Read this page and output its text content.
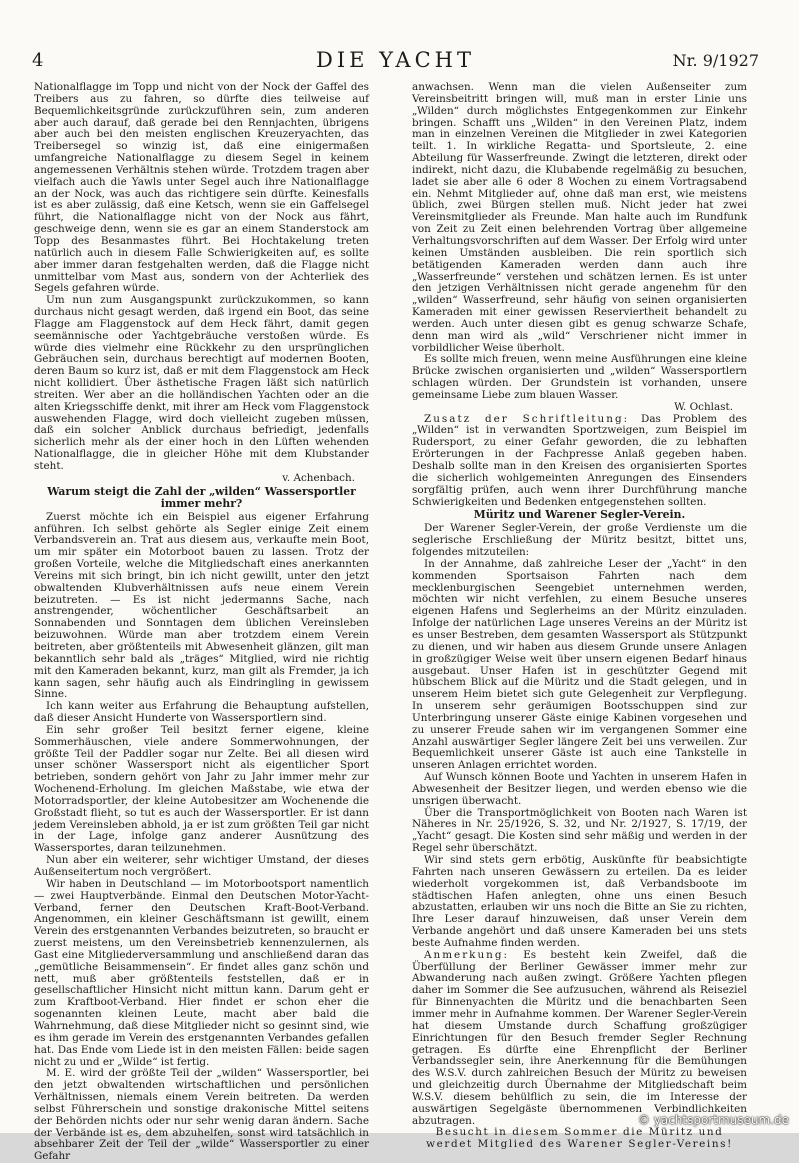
4	DIE YACHT	Nr. 9/1927

Nationalflagge im Topp und nicht von der Nock der Gaffel des Treibers aus zu fahren, so dürfte dies teilweise auf Bequemlichkeitsgründe zurückzuführen sein, zum anderen aber auch darauf, daß gerade bei den Rennjachten, übrigens aber auch bei den meisten englischen Kreuzeryachten, das Treibersegel so winzig ist, daß eine einigermaßen umfangreiche Nationalflagge zu diesem Segel in keinem angemessenen Verhältnis stehen würde. Trotzdem tragen aber vielfach auch die Yawls unter Segel auch ihre Nationalflagge an der Nock, was auch das richtigere sein dürfte. Keinesfalls ist es aber zulässig, daß eine Ketsch, wenn sie ein Gaffelsegel führt, die Nationalflagge nicht von der Nock aus fährt, geschweige denn, wenn sie es gar an einem Standerstock am Topp des Besanmastes führt. Bei Hochtakelung treten natürlich auch in diesem Falle Schwierigkeiten auf, es sollte aber immer daran festgehalten werden, daß die Flagge nicht unmittelbar vom Mast aus, sondern von der Achterliek des Segels gefahren würde.

Um nun zum Ausgangspunkt zurückzukommen, so kann durchaus nicht gesagt werden, daß irgend ein Boot, das seine Flagge am Flaggenstock auf dem Heck fährt, damit gegen seemännische oder Yachtgebräuche verstoßen würde. Es würde dies vielmehr eine Rückkehr zu den ursprünglichen Gebräuchen sein, durchaus berechtigt auf modernen Booten, deren Baum so kurz ist, daß er mit dem Flaggenstock am Heck nicht kollidiert. Über ästhetische Fragen läßt sich natürlich streiten. Wer aber an die holländischen Yachten oder an die alten Kriegsschiffe denkt, mit ihrer am Heck vom Flaggenstock auswehenden Flagge, wird doch vielleicht zugeben müssen, daß ein solcher Anblick durchaus befriedigt, jedenfalls sicherlich mehr als der einer hoch in den Lüften wehenden Nationalflagge, die in gleicher Höhe mit dem Klubstander steht.

v. Achenbach.

Warum steigt die Zahl der „wilden“ Wassersportler immer mehr?

Zuerst möchte ich ein Beispiel aus eigener Erfahrung anführen. Ich selbst gehörte als Segler einige Zeit einem Verbandsverein an. Trat aus diesem aus, verkaufte mein Boot, um mir später ein Motorboot bauen zu lassen. Trotz der großen Vorteile, welche die Mitgliedschaft eines anerkannten Vereins mit sich bringt, bin ich nicht gewillt, unter den jetzt obwaltenden Klubverhältnissen aufs neue einem Verein beizutreten. — Es ist nicht jedermanns Sache, nach anstrengender, wöchentlicher Geschäftsarbeit an Sonnabenden und Sonntagen dem üblichen Vereinsleben beizuwohnen. Würde man aber trotzdem einem Verein beitreten, aber größtenteils mit Abwesenheit glänzen, gilt man bekanntlich sehr bald als „träges“ Mitglied, wird nie richtig mit den Kameraden bekannt, kurz, man gilt als Fremder, ja ich kann sagen, sehr häufig auch als Eindringling in gewissem Sinne.

Ich kann weiter aus Erfahrung die Behauptung aufstellen, daß dieser Ansicht Hunderte von Wassersportlern sind.

Ein sehr großer Teil besitzt ferner eigene, kleine Sommerhäuschen, viele andere Sommerwohnungen, der größte Teil der Paddler sogar nur Zelte. Bei all diesen wird unser schöner Wassersport nicht als eigentlicher Sport betrieben, sondern gehört von Jahr zu Jahr immer mehr zur Wochenend-Erholung. Im gleichen Maßstabe, wie etwa der Motorradsportler, der kleine Autobesitzer am Wochenende die Großstadt flieht, so tut es auch der Wassersportler. Er ist dann jedem Vereinsleben abhold, ja er ist zum größten Teil gar nicht in der Lage, infolge ganz anderer Ausnützung des Wassersportes, daran teilzunehmen.

Nun aber ein weiterer, sehr wichtiger Umstand, der dieses Außenseitertum noch vergrößert.

Wir haben in Deutschland — im Motorbootsport namentlich — zwei Hauptverbände. Einmal den Deutschen Motor-Yacht-Verband, ferner den Deutschen Kraft-Boot-Verband. Angenommen, ein kleiner Geschäftsmann ist gewillt, einem Verein des erstgenannten Verbandes beizutreten, so braucht er zuerst meistens, um den Vereinsbetrieb kennenzulernen, als Gast eine Mitgliederversammlung und anschließend daran das „gemütliche Beisammensein“. Er findet alles ganz schön und nett, muß aber größtenteils feststellen, daß er in gesellschaftlicher Hinsicht nicht mittun kann. Darum geht er zum Kraftboot-Verband. Hier findet er schon eher die sogenannten kleinen Leute, macht aber bald die Wahrnehmung, daß diese Mitglieder nicht so gesinnt sind, wie es ihm gerade im Verein des erstgenannten Verbandes gefallen hat. Das Ende vom Liede ist in den meisten Fällen: beide sagen nicht zu und er „Wilde“ ist fertig.

M. E. wird der größte Teil der „wilden“ Wassersportler, bei den jetzt obwaltenden wirtschaftlichen und persönlichen Verhältnissen, niemals einem Verein beitreten. Da werden selbst Führerschein und sonstige drakonische Mittel seitens der Behörden nichts oder nur sehr wenig daran ändern. Sache der Verbände ist es, dem abzuhelfen, sonst wird tatsächlich in absehbarer Zeit der Teil der „wilde“ Wassersportler zu einer Gefahr

anwachsen. Wenn man die vielen Außenseiter zum Vereinsbeitritt bringen will, muß man in erster Linie uns „Wilden“ durch möglichstes Entgegenkommen zur Einkehr bringen. Schafft uns „Wilden“ in den Vereinen Platz, indem man in einzelnen Vereinen die Mitglieder in zwei Kategorien teilt. 1. In wirkliche Regatta- und Sportsleute, 2. eine Abteilung für Wasserfreunde. Zwingt die letzteren, direkt oder indirekt, nicht dazu, die Klubabende regelmäßig zu besuchen, ladet sie aber alle 6 oder 8 Wochen zu einem Vortragsabend ein. Nehmt Mitglieder auf, ohne daß man erst, wie meistens üblich, zwei Bürgen stellen muß. Nicht jeder hat zwei Vereinsmitglieder als Freunde. Man halte auch im Rundfunk von Zeit zu Zeit einen belehrenden Vortrag über allgemeine Verhaltungsvorschriften auf dem Wasser. Der Erfolg wird unter keinen Umständen ausbleiben. Die rein sportlich sich betätigenden Kameraden werden dann auch ihre „Wasserfreunde“ verstehen und schätzen lernen. Es ist unter den jetzigen Verhältnissen nicht gerade angenehm für den „wilden“ Wasserfreund, sehr häufig von seinen organisierten Kameraden mit einer gewissen Reserviertheit behandelt zu werden. Auch unter diesen gibt es genug schwarze Schafe, denn man wird als „wild“ Verschriener nicht immer in vorbildlicher Weise überholt.

Es sollte mich freuen, wenn meine Ausführungen eine kleine Brücke zwischen organisierten und „wilden“ Wassersportlern schlagen würden. Der Grundstein ist vorhanden, unsere gemeinsame Liebe zum blauen Wasser.

W. Ochlast.

Zusatz der Schriftleitung: Das Problem des „Wilden“ ist in verwandten Sportzweigen, zum Beispiel im Rudersport, zu einer Gefahr geworden, die zu lebhaften Erörterungen in der Fachpresse Anlaß gegeben haben. Deshalb sollte man in den Kreisen des organisierten Sportes die sicherlich wohlgemeinten Anregungen des Einsenders sorgfältig prüfen, auch wenn ihrer Durchführung manche Schwierigkeiten und Bedenken entgegenstehen sollten.

Müritz und Warener Segler-Verein.

Der Warener Segler-Verein, der große Verdienste um die seglerische Erschließung der Müritz besitzt, bittet uns, folgendes mitzuteilen:

In der Annahme, daß zahlreiche Leser der „Yacht“ in den kommenden Sportsaison Fahrten nach dem mecklenburgischen Seengebiet unternehmen werden, möchten wir nicht verfehlen, zu einem Besuche unseres eigenen Hafens und Seglerheims an der Müritz einzuladen. Infolge der natürlichen Lage unseres Vereins an der Müritz ist es unser Bestreben, dem gesamten Wassersport als Stützpunkt zu dienen, und wir haben aus diesem Grunde unsere Anlagen in großzügiger Weise weit über unsern eigenen Bedarf hinaus ausgebaut. Unser Hafen ist in geschützter Gegend mit hübschem Blick auf die Müritz und die Stadt gelegen, und in unserem Heim bietet sich gute Gelegenheit zur Verpflegung. In unserem sehr geräumigen Bootsschuppen sind zur Unterbringung unserer Gäste einige Kabinen vorgesehen und zu unserer Freude sahen wir im vergangenen Sommer eine Anzahl auswärtiger Segler längere Zeit bei uns verweilen. Zur Bequemlichkeit unserer Gäste ist auch eine Tankstelle in unseren Anlagen errichtet worden.

Auf Wunsch können Boote und Yachten in unserem Hafen in Abwesenheit der Besitzer liegen, und werden ebenso wie die unsrigen überwacht.

Über die Transportmöglichkeit von Booten nach Waren ist Näheres in Nr. 25/1926, S. 32, und Nr. 2/1927, S. 17/19, der „Yacht“ gesagt. Die Kosten sind sehr mäßig und werden in der Regel sehr überschätzt.

Wir sind stets gern erbötig, Auskünfte für beabsichtigte Fahrten nach unseren Gewässern zu erteilen. Da es leider wiederholt vorgekommen ist, daß Verbandsboote im städtischen Hafen anlegten, ohne uns einen Besuch abzustatten, erlauben wir uns noch die Bitte an Sie zu richten, Ihre Leser darauf hinzuweisen, daß unser Verein dem Verbande angehört und daß unsere Kameraden bei uns stets beste Aufnahme finden werden.

Anmerkung: Es besteht kein Zweifel, daß die Überfüllung der Berliner Gewässer immer mehr zur Abwanderung nach außen zwingt. Größere Yachten pflegen daher im Sommer die See aufzusuchen, während als Reiseziel für Binnenyachten die Müritz und die benachbarten Seen immer mehr in Aufnahme kommen. Der Warener Segler-Verein hat diesem Umstande durch Schaffung großzügiger Einrichtungen für den Besuch fremder Segler Rechnung getragen. Es dürfte eine Ehrenpflicht der Berliner Verbandssegler sein, ihre Anerkennung für die Bemühungen des W.S.V. durch zahlreichen Besuch der Müritz zu beweisen und gleichzeitig durch Übernahme der Mitgliedschaft beim W.S.V. diesem behülflich zu sein, die im Interesse der auswärtigen Segelgäste übernommenen Verbindlichkeiten abzutragen.

Besucht in diesem Sommer die Müritz und werdet Mitglied des Warener Segler-Vereins!

© yachtsportmuseum.de
